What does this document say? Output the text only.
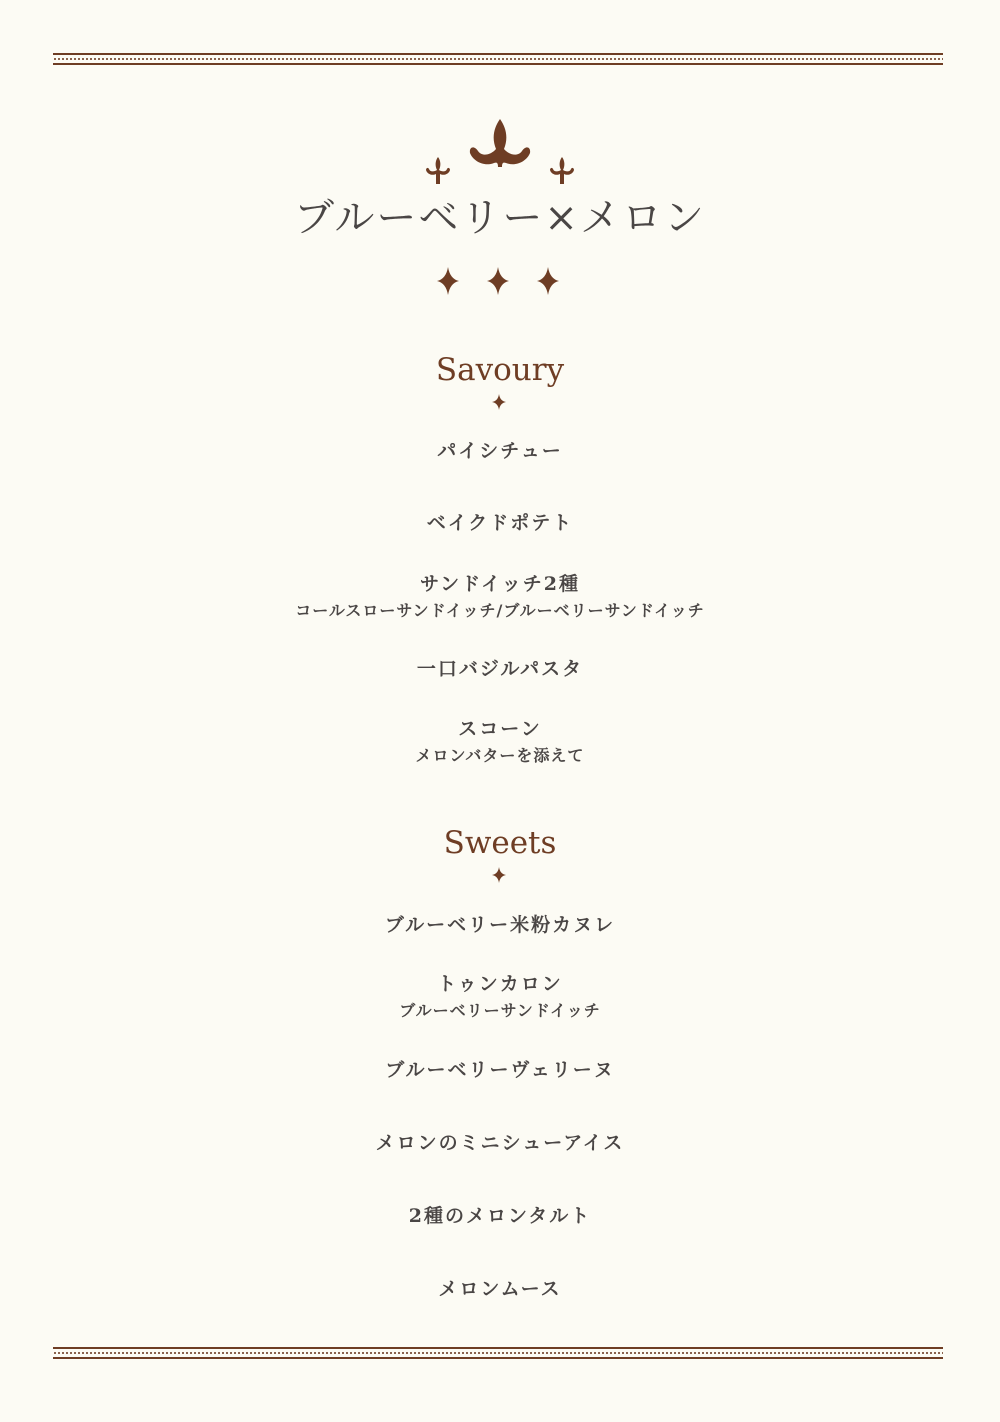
ブルーベリー×メロン
Savoury
パイシチュー
ベイクドポテト
サンドイッチ2種
コールスローサンドイッチ/ブルーベリーサンドイッチ
一口バジルパスタ
スコーン
メロンバターを添えて
Sweets
ブルーベリー米粉カヌレ
トゥンカロン
ブルーベリーサンドイッチ
ブルーベリーヴェリーヌ
メロンのミニシューアイス
2種のメロンタルト
メロンムース
